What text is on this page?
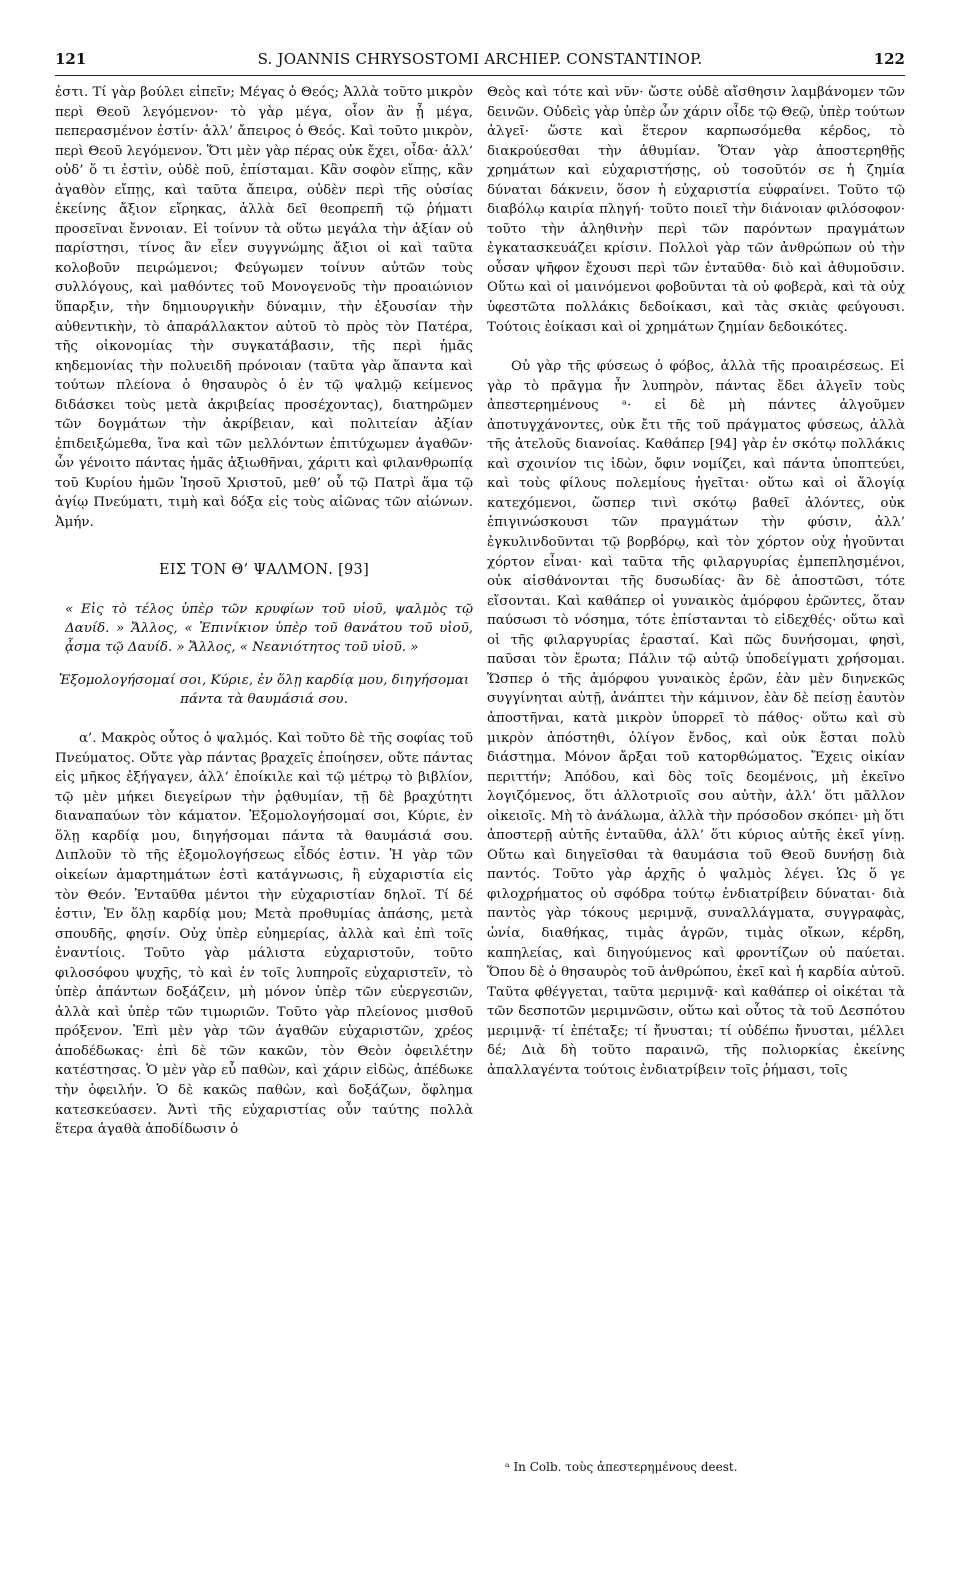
121	S. JOANNIS CHRYSOSTOMI ARCHIEP. CONSTANTINOP.	122

ἐστι. Τί γὰρ βούλει εἰπεῖν; Μέγας ὁ Θεός; Ἀλλὰ τοῦτο μικρὸν περὶ Θεοῦ λεγόμενον· τὸ γὰρ μέγα, οἷον ἂν ᾖ μέγα, πεπερασμένον ἐστίν· ἀλλ’ ἄπειρος ὁ Θεός. Καὶ τοῦτο μικρὸν, περὶ Θεοῦ λεγόμενον. Ὅτι μὲν γὰρ πέρας οὐκ ἔχει, οἶδα· ἀλλ’ οὐδ’ ὅ τι ἐστὶν, οὐδὲ ποῦ, ἐπίσταμαι. Κἂν σοφὸν εἴπῃς, κἂν ἀγαθὸν εἴπῃς, καὶ ταῦτα ἄπειρα, οὐδὲν περὶ τῆς οὐσίας ἐκείνης ἄξιον εἴρηκας, ἀλλὰ δεῖ θεοπρεπῆ τῷ ῥήματι προσεῖναι ἔννοιαν. Εἰ τοίνυν τὰ οὕτω μεγάλα τὴν ἀξίαν οὐ παρίστησι, τίνος ἂν εἶεν συγγνώμης ἄξιοι οἱ καὶ ταῦτα κολοβοῦν πειρώμενοι; Φεύγωμεν τοίνυν αὐτῶν τοὺς συλλόγους, καὶ μαθόντες τοῦ Μονογενοῦς τὴν προαιώνιον ὕπαρξιν, τὴν δημιουργικὴν δύναμιν, τὴν ἐξουσίαν τὴν αὐθεντικὴν, τὸ ἀπαράλλακτον αὐτοῦ τὸ πρὸς τὸν Πατέρα, τῆς οἰκονομίας τὴν συγκατάβασιν, τῆς περὶ ἡμᾶς κηδεμονίας τὴν πολυειδῆ πρόνοιαν (ταῦτα γὰρ ἅπαντα καὶ τούτων πλείονα ὁ θησαυρὸς ὁ ἐν τῷ ψαλμῷ κείμενος διδάσκει τοὺς μετὰ ἀκριβείας προσέχοντας), διατηρῶμεν τῶν δογμάτων τὴν ἀκρίβειαν, καὶ πολιτείαν ἀξίαν ἐπιδειξώμεθα, ἵνα καὶ τῶν μελλόντων ἐπιτύχωμεν ἀγαθῶν· ὧν γένοιτο πάντας ἡμᾶς ἀξιωθῆναι, χάριτι καὶ φιλανθρωπίᾳ τοῦ Κυρίου ἡμῶν Ἰησοῦ Χριστοῦ, μεθ’ οὗ τῷ Πατρὶ ἅμα τῷ ἁγίῳ Πνεύματι, τιμὴ καὶ δόξα εἰς τοὺς αἰῶνας τῶν αἰώνων. Ἀμήν.

ΕΙΣ ΤΟΝ Θ’ ΨΑΛΜΟΝ. [93]

« Εἰς τὸ τέλος ὑπὲρ τῶν κρυφίων τοῦ υἱοῦ, ψαλμὸς τῷ Δαυίδ. » Ἄλλος, « Ἐπινίκιον ὑπὲρ τοῦ θανάτου τοῦ υἱοῦ, ᾆσμα τῷ Δαυίδ. » Ἄλλος, « Νεανιότητος τοῦ υἱοῦ. »

Ἐξομολογήσομαί σοι, Κύριε, ἐν ὅλῃ καρδίᾳ μου, διηγήσομαι πάντα τὰ θαυμάσιά σου.

α’. Μακρὸς οὗτος ὁ ψαλμός. Καὶ τοῦτο δὲ τῆς σοφίας τοῦ Πνεύματος. Οὔτε γὰρ πάντας βραχεῖς ἐποίησεν, οὔτε πάντας εἰς μῆκος ἐξήγαγεν, ἀλλ’ ἐποίκιλε καὶ τῷ μέτρῳ τὸ βιβλίον, τῷ μὲν μήκει διεγείρων τὴν ῥᾳθυμίαν, τῇ δὲ βραχύτητι διαναπαύων τὸν κάματον. Ἐξομολογήσομαί σοι, Κύριε, ἐν ὅλῃ καρδίᾳ μου, διηγήσομαι πάντα τὰ θαυμάσιά σου. Διπλοῦν τὸ τῆς ἐξομολογήσεως εἶδός ἐστιν. Ἡ γὰρ τῶν οἰκείων ἁμαρτημάτων ἐστὶ κατάγνωσις, ἢ εὐχαριστία εἰς τὸν Θεόν. Ἐνταῦθα μέντοι τὴν εὐχαριστίαν δηλοῖ. Τί δέ ἐστιν, Ἐν ὅλῃ καρδίᾳ μου; Μετὰ προθυμίας ἁπάσης, μετὰ σπουδῆς, φησίν. Οὐχ ὑπὲρ εὐημερίας, ἀλλὰ καὶ ἐπὶ τοῖς ἐναντίοις. Τοῦτο γὰρ μάλιστα εὐχαριστοῦν, τοῦτο φιλοσόφου ψυχῆς, τὸ καὶ ἐν τοῖς λυπηροῖς εὐχαριστεῖν, τὸ ὑπὲρ ἁπάντων δοξάζειν, μὴ μόνον ὑπὲρ τῶν εὐεργεσιῶν, ἀλλὰ καὶ ὑπὲρ τῶν τιμωριῶν. Τοῦτο γὰρ πλείονος μισθοῦ πρόξενον. Ἐπὶ μὲν γὰρ τῶν ἀγαθῶν εὐχαριστῶν, χρέος ἀποδέδωκας· ἐπὶ δὲ τῶν κακῶν, τὸν Θεὸν ὀφειλέτην κατέστησας. Ὁ μὲν γὰρ εὖ παθὼν, καὶ χάριν εἰδὼς, ἀπέδωκε τὴν ὀφειλήν. Ὁ δὲ κακῶς παθὼν, καὶ δοξάζων, ὄφλημα κατεσκεύασεν. Ἀντὶ τῆς εὐχαριστίας οὖν ταύτης πολλὰ ἕτερα ἀγαθὰ ἀποδίδωσιν ὁ

Θεὸς καὶ τότε καὶ νῦν· ὥστε οὐδὲ αἴσθησιν λαμβάνομεν τῶν δεινῶν. Οὐδεὶς γὰρ ὑπὲρ ὧν χάριν οἶδε τῷ Θεῷ, ὑπὲρ τούτων ἀλγεῖ· ὥστε καὶ ἕτερον καρπωσόμεθα κέρδος, τὸ διακρούεσθαι τὴν ἀθυμίαν. Ὅταν γὰρ ἀποστερηθῇς χρημάτων καὶ εὐχαριστήσῃς, οὐ τοσοῦτόν σε ἡ ζημία δύναται δάκνειν, ὅσον ἡ εὐχαριστία εὐφραίνει. Τοῦτο τῷ διαβόλῳ καιρία πληγή· τοῦτο ποιεῖ τὴν διάνοιαν φιλόσοφον· τοῦτο τὴν ἀληθινὴν περὶ τῶν παρόντων πραγμάτων ἐγκατασκευάζει κρίσιν. Πολλοὶ γὰρ τῶν ἀνθρώπων οὐ τὴν οὖσαν ψῆφον ἔχουσι περὶ τῶν ἐνταῦθα· διὸ καὶ ἀθυμοῦσιν. Οὕτω καὶ οἱ μαινόμενοι φοβοῦνται τὰ οὐ φοβερὰ, καὶ τὰ οὐχ ὑφεστῶτα πολλάκις δεδοίκασι, καὶ τὰς σκιὰς φεύγουσι. Τούτοις ἐοίκασι καὶ οἱ χρημάτων ζημίαν δεδοικότες.

Οὐ γὰρ τῆς φύσεως ὁ φόβος, ἀλλὰ τῆς προαιρέσεως. Εἰ γὰρ τὸ πρᾶγμα ἦν λυπηρὸν, πάντας ἔδει ἀλγεῖν τοὺς ἀπεστερημένους ᵃ· εἰ δὲ μὴ πάντες ἀλγοῦμεν ἀποτυγχάνοντες, οὐκ ἔτι τῆς τοῦ πράγματος φύσεως, ἀλλὰ τῆς ἀτελοῦς διανοίας. Καθάπερ [94] γὰρ ἐν σκότῳ πολλάκις καὶ σχοινίον τις ἰδὼν, ὄφιν νομίζει, καὶ πάντα ὑποπτεύει, καὶ τοὺς φίλους πολεμίους ἡγεῖται· οὕτω καὶ οἱ ἄλογίᾳ κατεχόμενοι, ὥσπερ τινὶ σκότῳ βαθεῖ ἁλόντες, οὐκ ἐπιγινώσκουσι τῶν πραγμάτων τὴν φύσιν, ἀλλ’ ἐγκυλινδοῦνται τῷ βορβόρῳ, καὶ τὸν χόρτον οὐχ ἡγοῦνται χόρτον εἶναι· καὶ ταῦτα τῆς φιλαργυρίας ἐμπεπλησμένοι, οὐκ αἰσθάνονται τῆς δυσωδίας· ἂν δὲ ἀποστῶσι, τότε εἴσονται. Καὶ καθάπερ οἱ γυναικὸς ἀμόρφου ἐρῶντες, ὅταν παύσωσι τὸ νόσημα, τότε ἐπίστανται τὸ εἰδεχθές· οὕτω καὶ οἱ τῆς φιλαργυρίας ἐρασταί. Καὶ πῶς δυνήσομαι, φησὶ, παῦσαι τὸν ἔρωτα; Πάλιν τῷ αὐτῷ ὑποδείγματι χρήσομαι. Ὥσπερ ὁ τῆς ἀμόρφου γυναικὸς ἐρῶν, ἐὰν μὲν διηνεκῶς συγγίνηται αὐτῇ, ἀνάπτει τὴν κάμινον, ἐὰν δὲ πείσῃ ἑαυτὸν ἀποστῆναι, κατὰ μικρὸν ὑπορρεῖ τὸ πάθος· οὕτω καὶ σὺ μικρὸν ἀπόστηθι, ὀλίγον ἔνδος, καὶ οὐκ ἔσται πολὺ διάστημα. Μόνον ἄρξαι τοῦ κατορθώματος. Ἔχεις οἰκίαν περιττήν; Ἀπόδου, καὶ δὸς τοῖς δεομένοις, μὴ ἐκεῖνο λογιζόμενος, ὅτι ἀλλοτριοῖς σου αὐτὴν, ἀλλ’ ὅτι μᾶλλον οἰκειοῖς. Μὴ τὸ ἀνάλωμα, ἀλλὰ τὴν πρόσοδον σκόπει· μὴ ὅτι ἀποστερῇ αὐτῆς ἐνταῦθα, ἀλλ’ ὅτι κύριος αὐτῆς ἐκεῖ γίνῃ. Οὕτω καὶ διηγεῖσθαι τὰ θαυμάσια τοῦ Θεοῦ δυνήσῃ διὰ παντός. Τοῦτο γὰρ ἀρχῆς ὁ ψαλμὸς λέγει. Ὡς ὅ γε φιλοχρήματος οὐ σφόδρα τούτῳ ἐνδιατρίβειν δύναται· διὰ παντὸς γὰρ τόκους μεριμνᾷ, συναλλάγματα, συγγραφὰς, ὠνία, διαθήκας, τιμὰς ἀγρῶν, τιμὰς οἴκων, κέρδη, καπηλείας, καὶ διηγούμενος καὶ φροντίζων οὐ παύεται. Ὅπου δὲ ὁ θησαυρὸς τοῦ ἀνθρώπου, ἐκεῖ καὶ ἡ καρδία αὐτοῦ. Ταῦτα φθέγγεται, ταῦτα μεριμνᾷ· καὶ καθάπερ οἱ οἰκέται τὰ τῶν δεσποτῶν μεριμνῶσιν, οὕτω καὶ οὗτος τὰ τοῦ Δεσπότου μεριμνᾷ· τί ἐπέταξε; τί ἤνυσται; τί οὐδέπω ἤνυσται, μέλλει δέ; Διὰ δὴ τοῦτο παραινῶ, τῆς πολιορκίας ἐκείνης ἀπαλλαγέντα τούτοις ἐνδιατρίβειν τοῖς ῥήμασι, τοῖς

ᵃ In Colb. τοὺς ἀπεστερημένους deest.
